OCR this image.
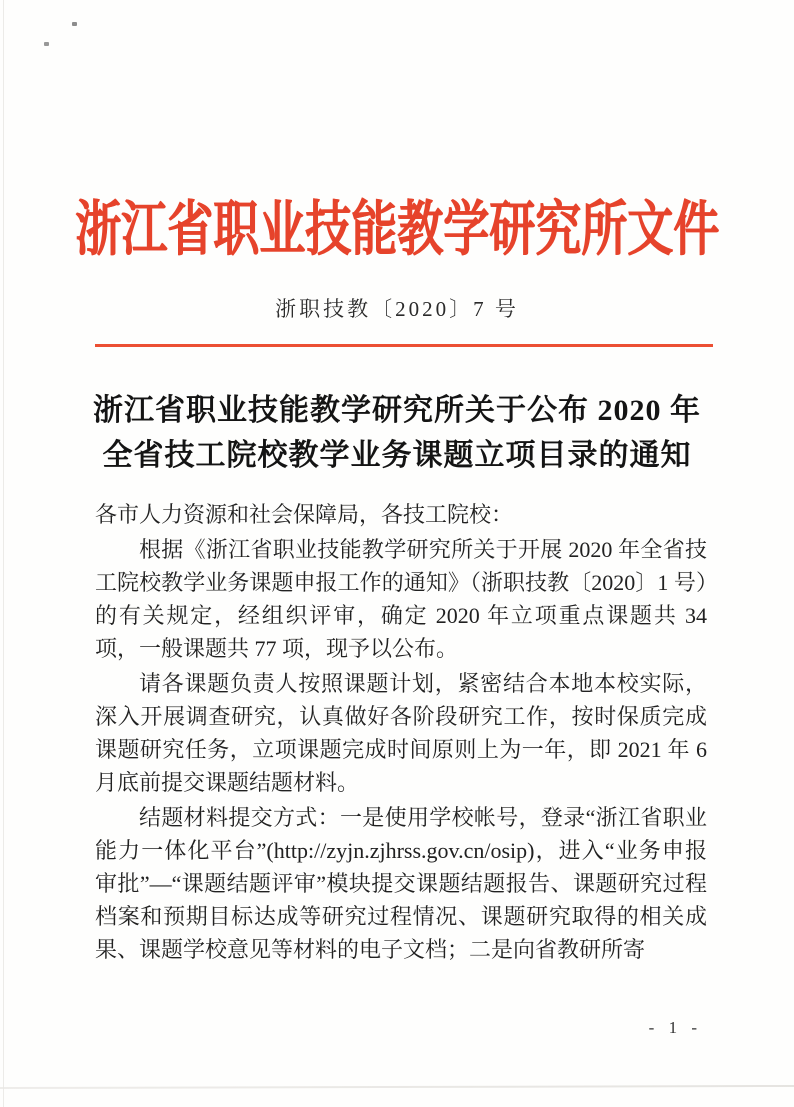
浙江省职业技能教学研究所文件
浙职技教〔2020〕7 号
浙江省职业技能教学研究所关于公布 2020 年
全省技工院校教学业务课题立项目录的通知

各市人力资源和社会保障局，各技工院校：

根据《浙江省职业技能教学研究所关于开展 2020 年全省技工院校教学业务课题申报工作的通知》（浙职技教〔2020〕1 号）的有关规定，经组织评审，确定 2020 年立项重点课题共 34 项，一般课题共 77 项，现予以公布。

请各课题负责人按照课题计划，紧密结合本地本校实际，深入开展调查研究，认真做好各阶段研究工作，按时保质完成课题研究任务，立项课题完成时间原则上为一年，即 2021 年 6 月底前提交课题结题材料。

结题材料提交方式：一是使用学校帐号，登录“浙江省职业能力一体化平台”(http://zyjn.zjhrss.gov.cn/osip)，进入“业务申报审批”—“课题结题评审”模块提交课题结题报告、课题研究过程档案和预期目标达成等研究过程情况、课题研究取得的相关成果、课题学校意见等材料的电子文档；二是向省教研所寄

- 1 -
